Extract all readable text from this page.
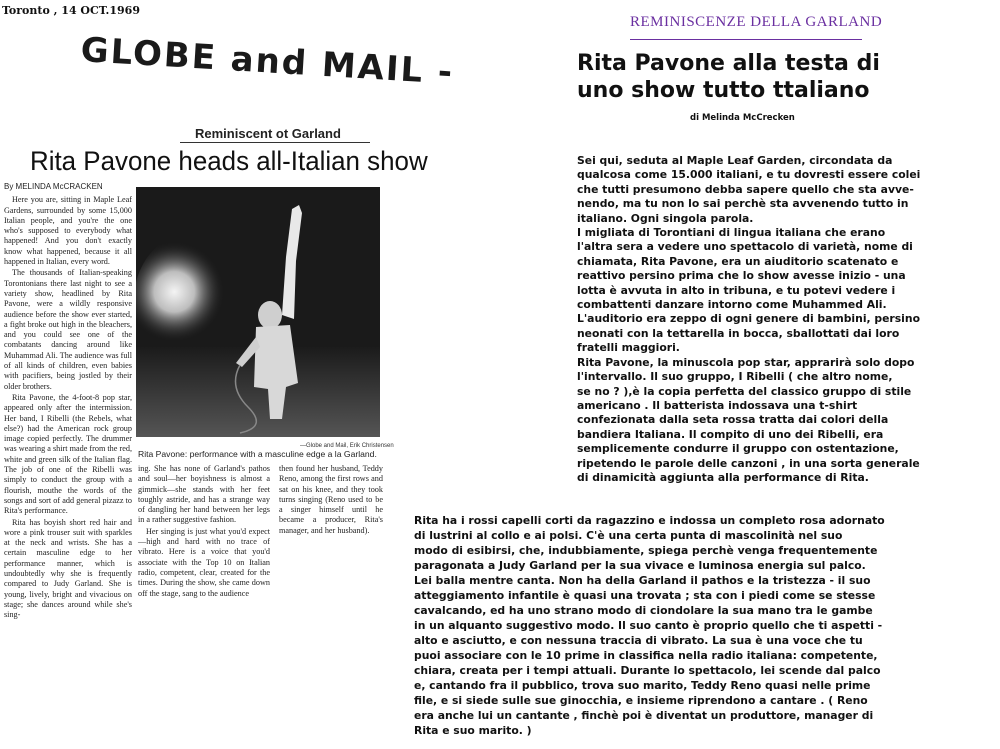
Toronto , 14 OCT.1969
GLOBE and MAIL -
Reminiscent ot Garland
Rita Pavone heads all-Italian show

By MELINDA McCRACKEN

Here you are, sitting in Maple Leaf Gardens, surrounded by some 15,000 Italian people, and you're the one who's supposed to everybody what happened! And you don't exactly know what happened, because it all happened in Italian, every word.

The thousands of Italian-speaking Torontonians there last night to see a variety show, headlined by Rita Pavone, were a wildly responsive audience before the show ever started, a fight broke out high in the bleachers, and you could see one of the combatants dancing around like Muhammad Ali. The audience was full of all kinds of children, even babies with pacifiers, being jostled by their older brothers.

Rita Pavone, the 4-foot-8 pop star, appeared only after the intermission. Her band, I Ribelli (the Rebels, what else?) had the American rock group image copied perfectly. The drummer was wearing a shirt made from the red, white and green silk of the Italian flag. The job of one of the Ribelli was simply to conduct the group with a flourish, mouthe the words of the songs and sort of add general pizazz to Rita's performance.

Rita has boyish short red hair and wore a pink trouser suit with sparkles at the neck and wrists. She has a certain masculine edge to her performance manner, which is undoubtedly why she is frequently compared to Judy Garland. She is young, lively, bright and vivacious on stage; she dances around while she's sing-

—Globe and Mail, Erik Christensen
Rita Pavone: performance with a masculine edge a la Garland.

ing. She has none of Garland's pathos and soul—her boyishness is almost a gimmick—she stands with her feet toughly astride, and has a strange way of dangling her hand between her legs in a rather suggestive fashion.

Her singing is just what you'd expect—high and hard with no trace of vibrato. Here is a voice that you'd associate with the Top 10 on Italian radio, competent, clear, created for the times. During the show, she came down off the stage, sang to the audience

then found her husband, Teddy Reno, among the first rows and sat on his knee, and they took turns singing (Reno used to be a singer himself until he became a producer, Rita's manager, and her husband).

REMINISCENZE DELLA GARLAND
Rita Pavone alla testa di
uno show tutto ttaliano
di Melinda McCrecken

Sei qui, seduta al Maple Leaf Garden, circondata da

qualcosa come 15.000 italiani, e tu dovresti essere colei

che tutti presumono debba sapere quello che sta avve-

nendo, ma tu non lo sai perchè sta avvenendo tutto in

italiano. Ogni singola parola.

I migliata di Torontiani di lingua italiana che erano

l'altra sera a vedere uno spettacolo di varietà, nome di

chiamata, Rita Pavone, era un aiuditorio scatenato e

reattivo persino prima che lo show avesse inizio - una

lotta è avvuta in alto in tribuna, e tu potevi vedere i

combattenti danzare intorno come Muhammed Ali.

L'auditorio era zeppo di ogni genere di bambini, persino

neonati con la tettarella in bocca, sballottati dai loro

fratelli maggiori.

Rita Pavone, la minuscola pop star, apprarirà solo dopo

l'intervallo. Il suo gruppo, I Ribelli ( che altro nome,

se no ? ),è la copia perfetta del classico gruppo di stile

americano . Il batterista indossava una t-shirt

confezionata dalla seta rossa tratta dai colori della

bandiera Italiana. Il compito di uno dei Ribelli, era

semplicemente condurre il gruppo con ostentazione,

ripetendo le parole delle canzoni , in una sorta generale

di dinamicità aggiunta alla performance di Rita.

Rita ha i rossi capelli corti da ragazzino e indossa un completo rosa adornato

di lustrini al collo e ai polsi. C'è una certa punta di mascolinità nel suo

modo di esibirsi, che, indubbiamente, spiega perchè venga frequentemente

paragonata a Judy Garland per la sua vivace e luminosa energia sul palco.

Lei balla mentre canta. Non ha della Garland il pathos e la tristezza - il suo

atteggiamento infantile è quasi una trovata ; sta con i piedi come se stesse

cavalcando, ed ha uno strano modo di ciondolare la sua mano tra le gambe

in un alquanto suggestivo modo. Il suo canto è proprio quello che ti aspetti -

alto e asciutto, e con nessuna traccia di vibrato. La sua è una voce che tu

puoi associare con le 10 prime in classifica nella radio italiana: competente,

chiara, creata per i tempi attuali. Durante lo spettacolo, lei scende dal palco

e, cantando fra il pubblico, trova suo marito, Teddy Reno quasi nelle prime

file, e si siede sulle sue ginocchia, e insieme riprendono a cantare . ( Reno

era anche lui un cantante , finchè poi è diventat un produttore, manager di

Rita e suo marito. )
